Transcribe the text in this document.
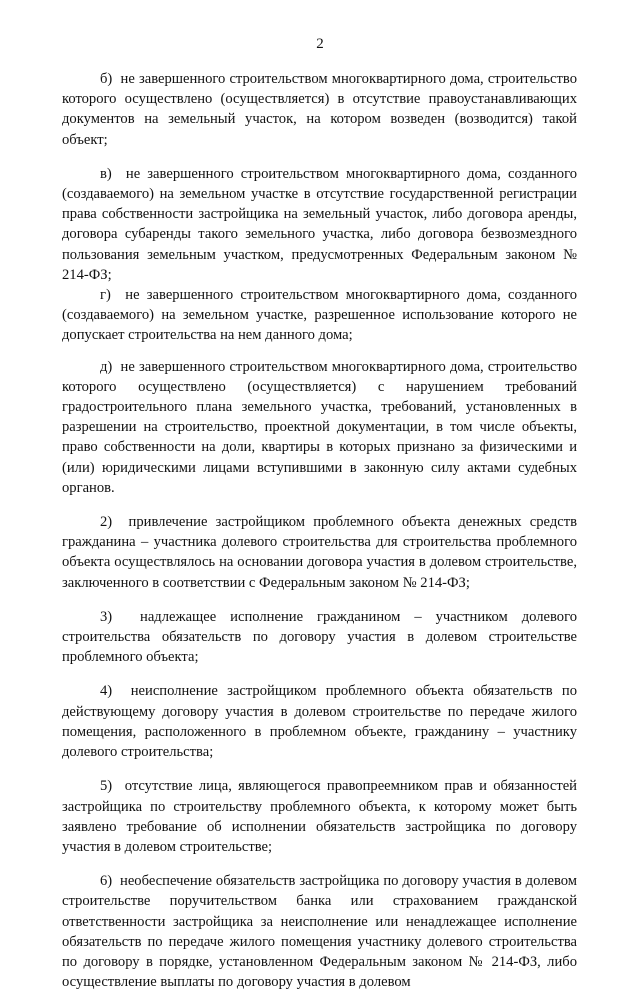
2

б)  не завершенного строительством многоквартирного дома, строительство которого осуществлено (осуществляется) в отсутствие правоустанавливающих документов на земельный участок, на котором возведен (возводится) такой объект;

в)  не завершенного строительством многоквартирного дома, созданного (создаваемого) на земельном участке в отсутствие государственной регистрации права собственности застройщика на земельный участок, либо договора аренды, договора субаренды такого земельного участка, либо договора безвозмездного пользования земельным участком, предусмотренных Федеральным законом № 214-ФЗ;

г)  не завершенного строительством многоквартирного дома, созданного (создаваемого) на земельном участке, разрешенное использование которого не допускает строительства на нем данного дома;

д)  не завершенного строительством многоквартирного дома, строительство которого осуществлено (осуществляется) с нарушением требований градостроительного плана земельного участка, требований, установленных в разрешении на строительство, проектной документации, в том числе объекты, право собственности на доли, квартиры в которых признано за физическими и (или) юридическими лицами вступившими в законную силу актами судебных органов.

2)  привлечение застройщиком проблемного объекта денежных средств гражданина – участника долевого строительства для строительства проблемного объекта осуществлялось на основании договора участия в долевом строительстве, заключенного в соответствии с Федеральным законом № 214-ФЗ;

3)  надлежащее исполнение гражданином – участником долевого строительства обязательств по договору участия в долевом строительстве проблемного объекта;

4)  неисполнение застройщиком проблемного объекта обязательств по действующему договору участия в долевом строительстве по передаче жилого помещения, расположенного в проблемном объекте, гражданину – участнику долевого строительства;

5)  отсутствие лица, являющегося правопреемником прав и обязанностей застройщика по строительству проблемного объекта, к которому может быть заявлено требование об исполнении обязательств застройщика по договору участия в долевом строительстве;

6)  необеспечение обязательств застройщика по договору участия в долевом строительстве поручительством банка или страхованием гражданской ответственности застройщика за неисполнение или ненадлежащее исполнение обязательств по передаче жилого помещения участнику долевого строительства по договору в порядке, установленном Федеральным законом № 214-ФЗ, либо осуществление выплаты по договору участия в долевом
